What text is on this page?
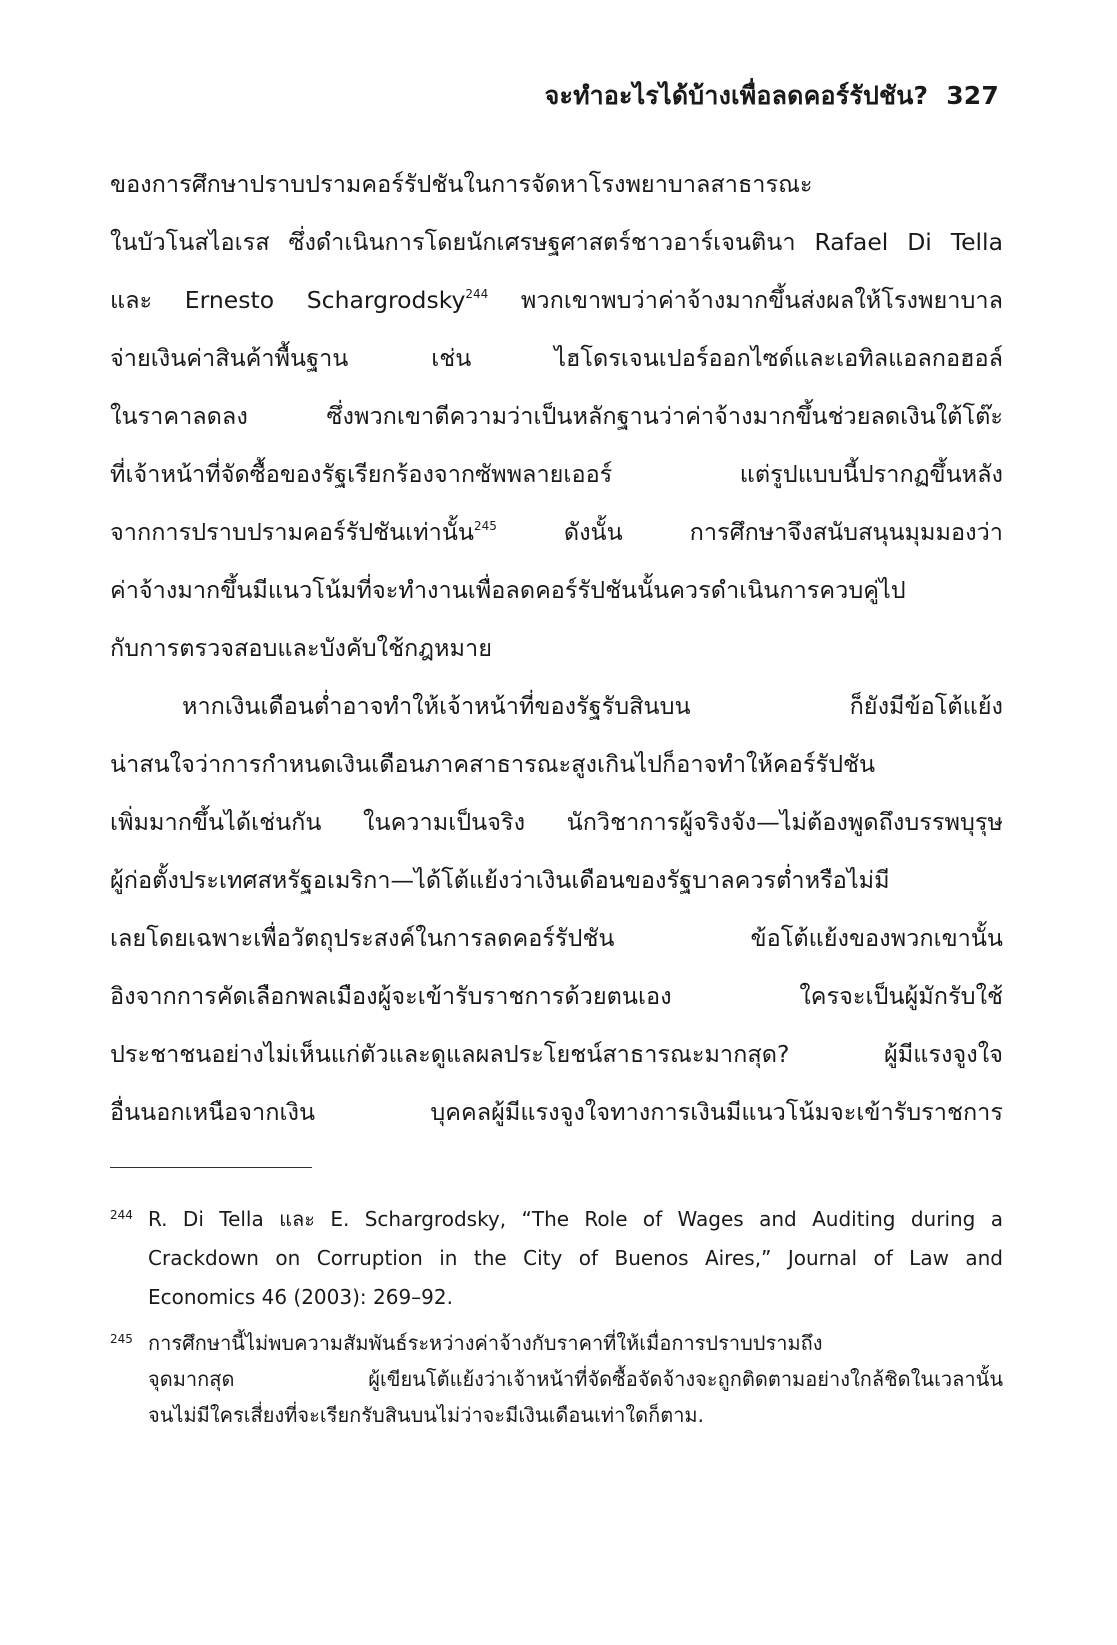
จะทำอะไรได้บ้างเพื่อลดคอร์รัปชัน? 327

ของการศึกษาปราบปรามคอร์รัปชันในการจัดหาโรงพยาบาลสาธารณะ
ในบัวโนสไอเรส ซึ่งดำเนินการโดยนักเศรษฐศาสตร์ชาวอาร์เจนตินา Rafael Di Tella
และ Ernesto Schargrodsky$^{244}$ พวกเขาพบว่าค่าจ้างมากขึ้นส่งผลให้โรงพยาบาล
จ่ายเงินค่าสินค้าพื้นฐาน เช่น ไฮโดรเจนเปอร์ออกไซด์และเอทิลแอลกอฮอล์
ในราคาลดลง ซึ่งพวกเขาตีความว่าเป็นหลักฐานว่าค่าจ้างมากขึ้นช่วยลดเงินใต้โต๊ะ
ที่เจ้าหน้าที่จัดซื้อของรัฐเรียกร้องจากซัพพลายเออร์ แต่รูปแบบนี้ปรากฏขึ้นหลัง
จากการปราบปรามคอร์รัปชันเท่านั้น$^{245}$ ดังนั้น การศึกษาจึงสนับสนุนมุมมองว่า
ค่าจ้างมากขึ้นมีแนวโน้มที่จะทำงานเพื่อลดคอร์รัปชันนั้นควรดำเนินการควบคู่ไป
กับการตรวจสอบและบังคับใช้กฎหมาย

หากเงินเดือนต่ำอาจทำให้เจ้าหน้าที่ของรัฐรับสินบน ก็ยังมีข้อโต้แย้ง
น่าสนใจว่าการกำหนดเงินเดือนภาคสาธารณะสูงเกินไปก็อาจทำให้คอร์รัปชัน
เพิ่มมากขึ้นได้เช่นกัน ในความเป็นจริง นักวิชาการผู้จริงจัง—ไม่ต้องพูดถึงบรรพบุรุษ
ผู้ก่อตั้งประเทศสหรัฐอเมริกา—ได้โต้แย้งว่าเงินเดือนของรัฐบาลควรต่ำหรือไม่มี
เลยโดยเฉพาะเพื่อวัตถุประสงค์ในการลดคอร์รัปชัน ข้อโต้แย้งของพวกเขานั้น
อิงจากการคัดเลือกพลเมืองผู้จะเข้ารับราชการด้วยตนเอง ใครจะเป็นผู้มักรับใช้
ประชาชนอย่างไม่เห็นแก่ตัวและดูแลผลประโยชน์สาธารณะมากสุด? ผู้มีแรงจูงใจ
อื่นนอกเหนือจากเงิน บุคคลผู้มีแรงจูงใจทางการเงินมีแนวโน้มจะเข้ารับราชการ

244 R. Di Tella และ E. Schargrodsky, “The Role of Wages and Auditing during a
Crackdown on Corruption in the City of Buenos Aires,” Journal of Law and
Economics 46 (2003): 269–92.
245 การศึกษานี้ไม่พบความสัมพันธ์ระหว่างค่าจ้างกับราคาที่ให้เมื่อการปราบปรามถึง
จุดมากสุด ผู้เขียนโต้แย้งว่าเจ้าหน้าที่จัดซื้อจัดจ้างจะถูกติดตามอย่างใกล้ชิดในเวลานั้น
จนไม่มีใครเสี่ยงที่จะเรียกรับสินบนไม่ว่าจะมีเงินเดือนเท่าใดก็ตาม.
